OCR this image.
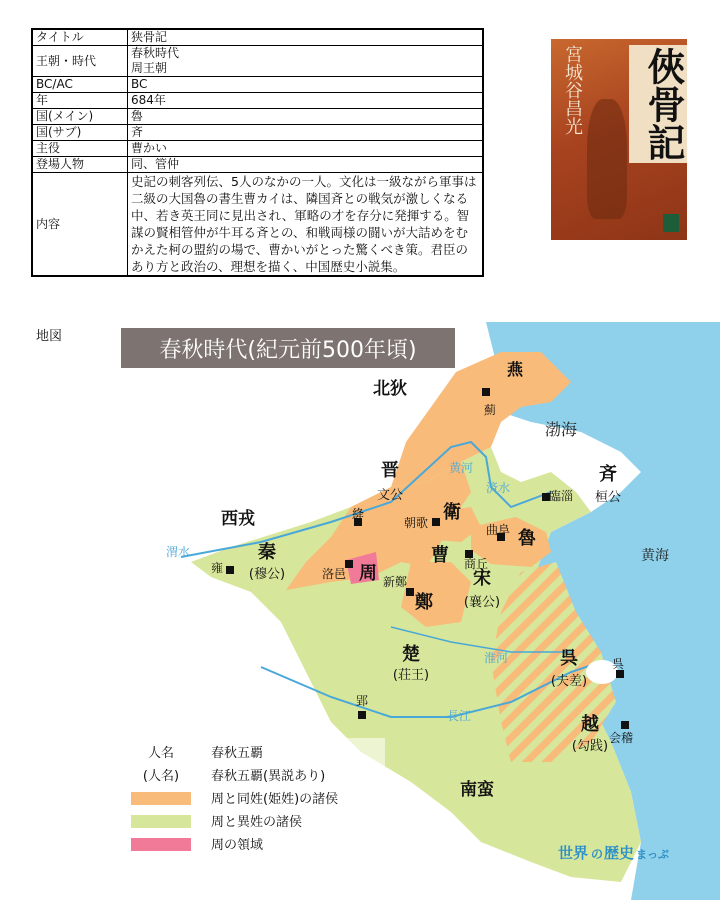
タイトル	狭骨記
王朝・時代	春秋時代
周王朝
BC/AC	BC
年	684年
国(メイン)	魯
国(サブ)	斉
主役	曹かい
登場人物	同、管仲
内容	史記の刺客列伝、5人のなかの一人。文化は一級ながら軍事は二級の大国魯の書生曹カイは、隣国斉との戦気が激しくなる中、若き英王同に見出され、軍略の才を存分に発揮する。智謀の賢相管仲が牛耳る斉との、和戦両様の闘いが大詰めをむかえた柯の盟約の場で、曹かいがとった驚くべき策。君臣のあり方と政治の、理想を描く、中国歴史小説集。
宮城谷昌光	俠骨記
春秋時代(紀元前500年頃)
北狄
西戎
南蛮
燕
晋
文公
衛
斉
桓公
魯
曹
宋
(襄公)
秦
(穆公)	周
鄭
楚
(荘王)
呉
(夫差)
越
(勾践)
薊
臨淄
絳
朝歌	曲阜
商丘
洛邑
新鄭
雍
郢
呉
会稽
渤海
黄海
黄河
済水
渭水
淮河
長江
人名	春秋五覇
(人名) 春秋五覇(異説あり)
周と同姓(姫姓)の諸侯
周と異姓の諸侯
周の領域	世界 の 歴史 まっぷ
地図
